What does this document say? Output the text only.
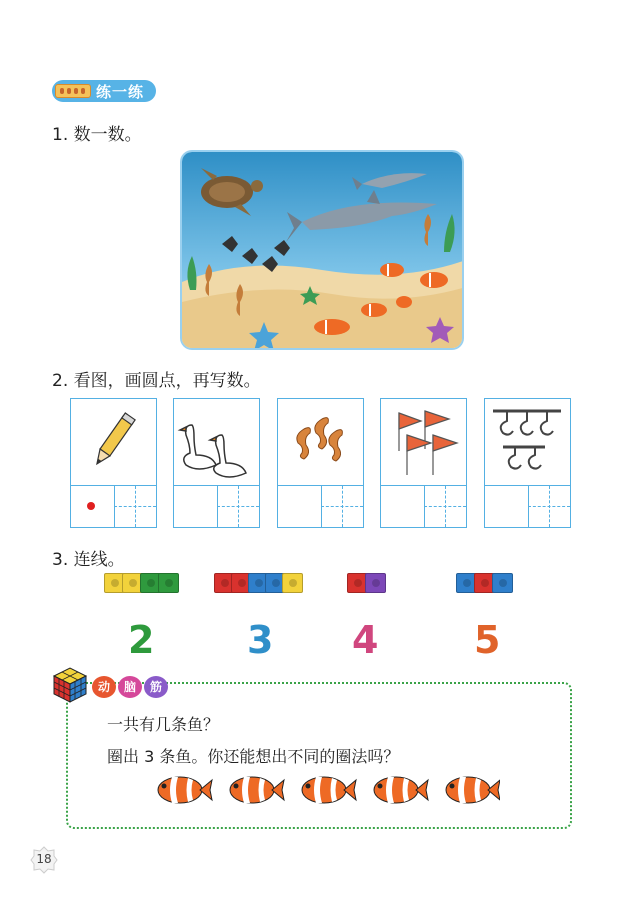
练一练
1. 数一数。
2. 看图，画圆点，再写数。
3. 连线。
2 3 4	5
动	脑	筋
一共有几条鱼？
圈出 3 条鱼。你还能想出不同的圈法吗？
18
